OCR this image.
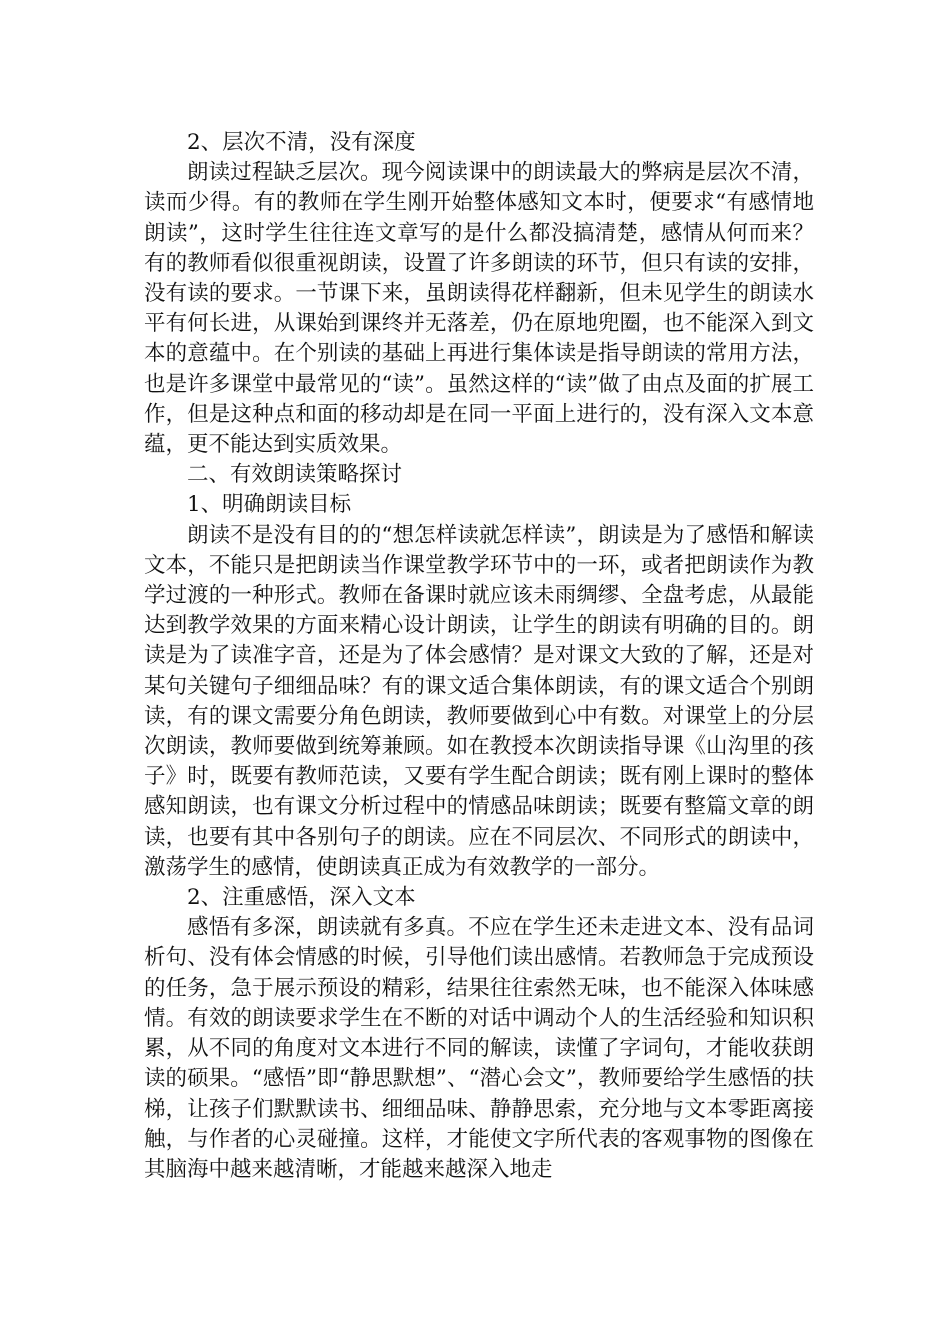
2、层次不清，没有深度

朗读过程缺乏层次。现今阅读课中的朗读最大的弊病是层次不清，读而少得。有的教师在学生刚开始整体感知文本时，便要求“有感情地朗读”，这时学生往往连文章写的是什么都没搞清楚，感情从何而来？有的教师看似很重视朗读，设置了许多朗读的环节，但只有读的安排，没有读的要求。一节课下来，虽朗读得花样翻新，但未见学生的朗读水平有何长进，从课始到课终并无落差，仍在原地兜圈，也不能深入到文本的意蕴中。在个别读的基础上再进行集体读是指导朗读的常用方法，也是许多课堂中最常见的“读”。虽然这样的“读”做了由点及面的扩展工作，但是这种点和面的移动却是在同一平面上进行的，没有深入文本意蕴，更不能达到实质效果。

二、有效朗读策略探讨

1、明确朗读目标

朗读不是没有目的的“想怎样读就怎样读”，朗读是为了感悟和解读文本，不能只是把朗读当作课堂教学环节中的一环，或者把朗读作为教学过渡的一种形式。教师在备课时就应该未雨绸缪、全盘考虑，从最能达到教学效果的方面来精心设计朗读，让学生的朗读有明确的目的。朗读是为了读准字音，还是为了体会感情？是对课文大致的了解，还是对某句关键句子细细品味？有的课文适合集体朗读，有的课文适合个别朗读，有的课文需要分角色朗读，教师要做到心中有数。对课堂上的分层次朗读，教师要做到统筹兼顾。如在教授本次朗读指导课《山沟里的孩子》时，既要有教师范读，又要有学生配合朗读；既有刚上课时的整体感知朗读，也有课文分析过程中的情感品味朗读；既要有整篇文章的朗读，也要有其中各别句子的朗读。应在不同层次、不同形式的朗读中，激荡学生的感情，使朗读真正成为有效教学的一部分。

2、注重感悟，深入文本

感悟有多深，朗读就有多真。不应在学生还未走进文本、没有品词析句、没有体会情感的时候，引导他们读出感情。若教师急于完成预设的任务，急于展示预设的精彩，结果往往索然无味，也不能深入体味感情。有效的朗读要求学生在不断的对话中调动个人的生活经验和知识积累，从不同的角度对文本进行不同的解读，读懂了字词句，才能收获朗读的硕果。“感悟”即“静思默想”、“潜心会文”，教师要给学生感悟的扶梯，让孩子们默默读书、细细品味、静静思索，充分地与文本零距离接触，与作者的心灵碰撞。这样，才能使文字所代表的客观事物的图像在其脑海中越来越清晰，才能越来越深入地走
